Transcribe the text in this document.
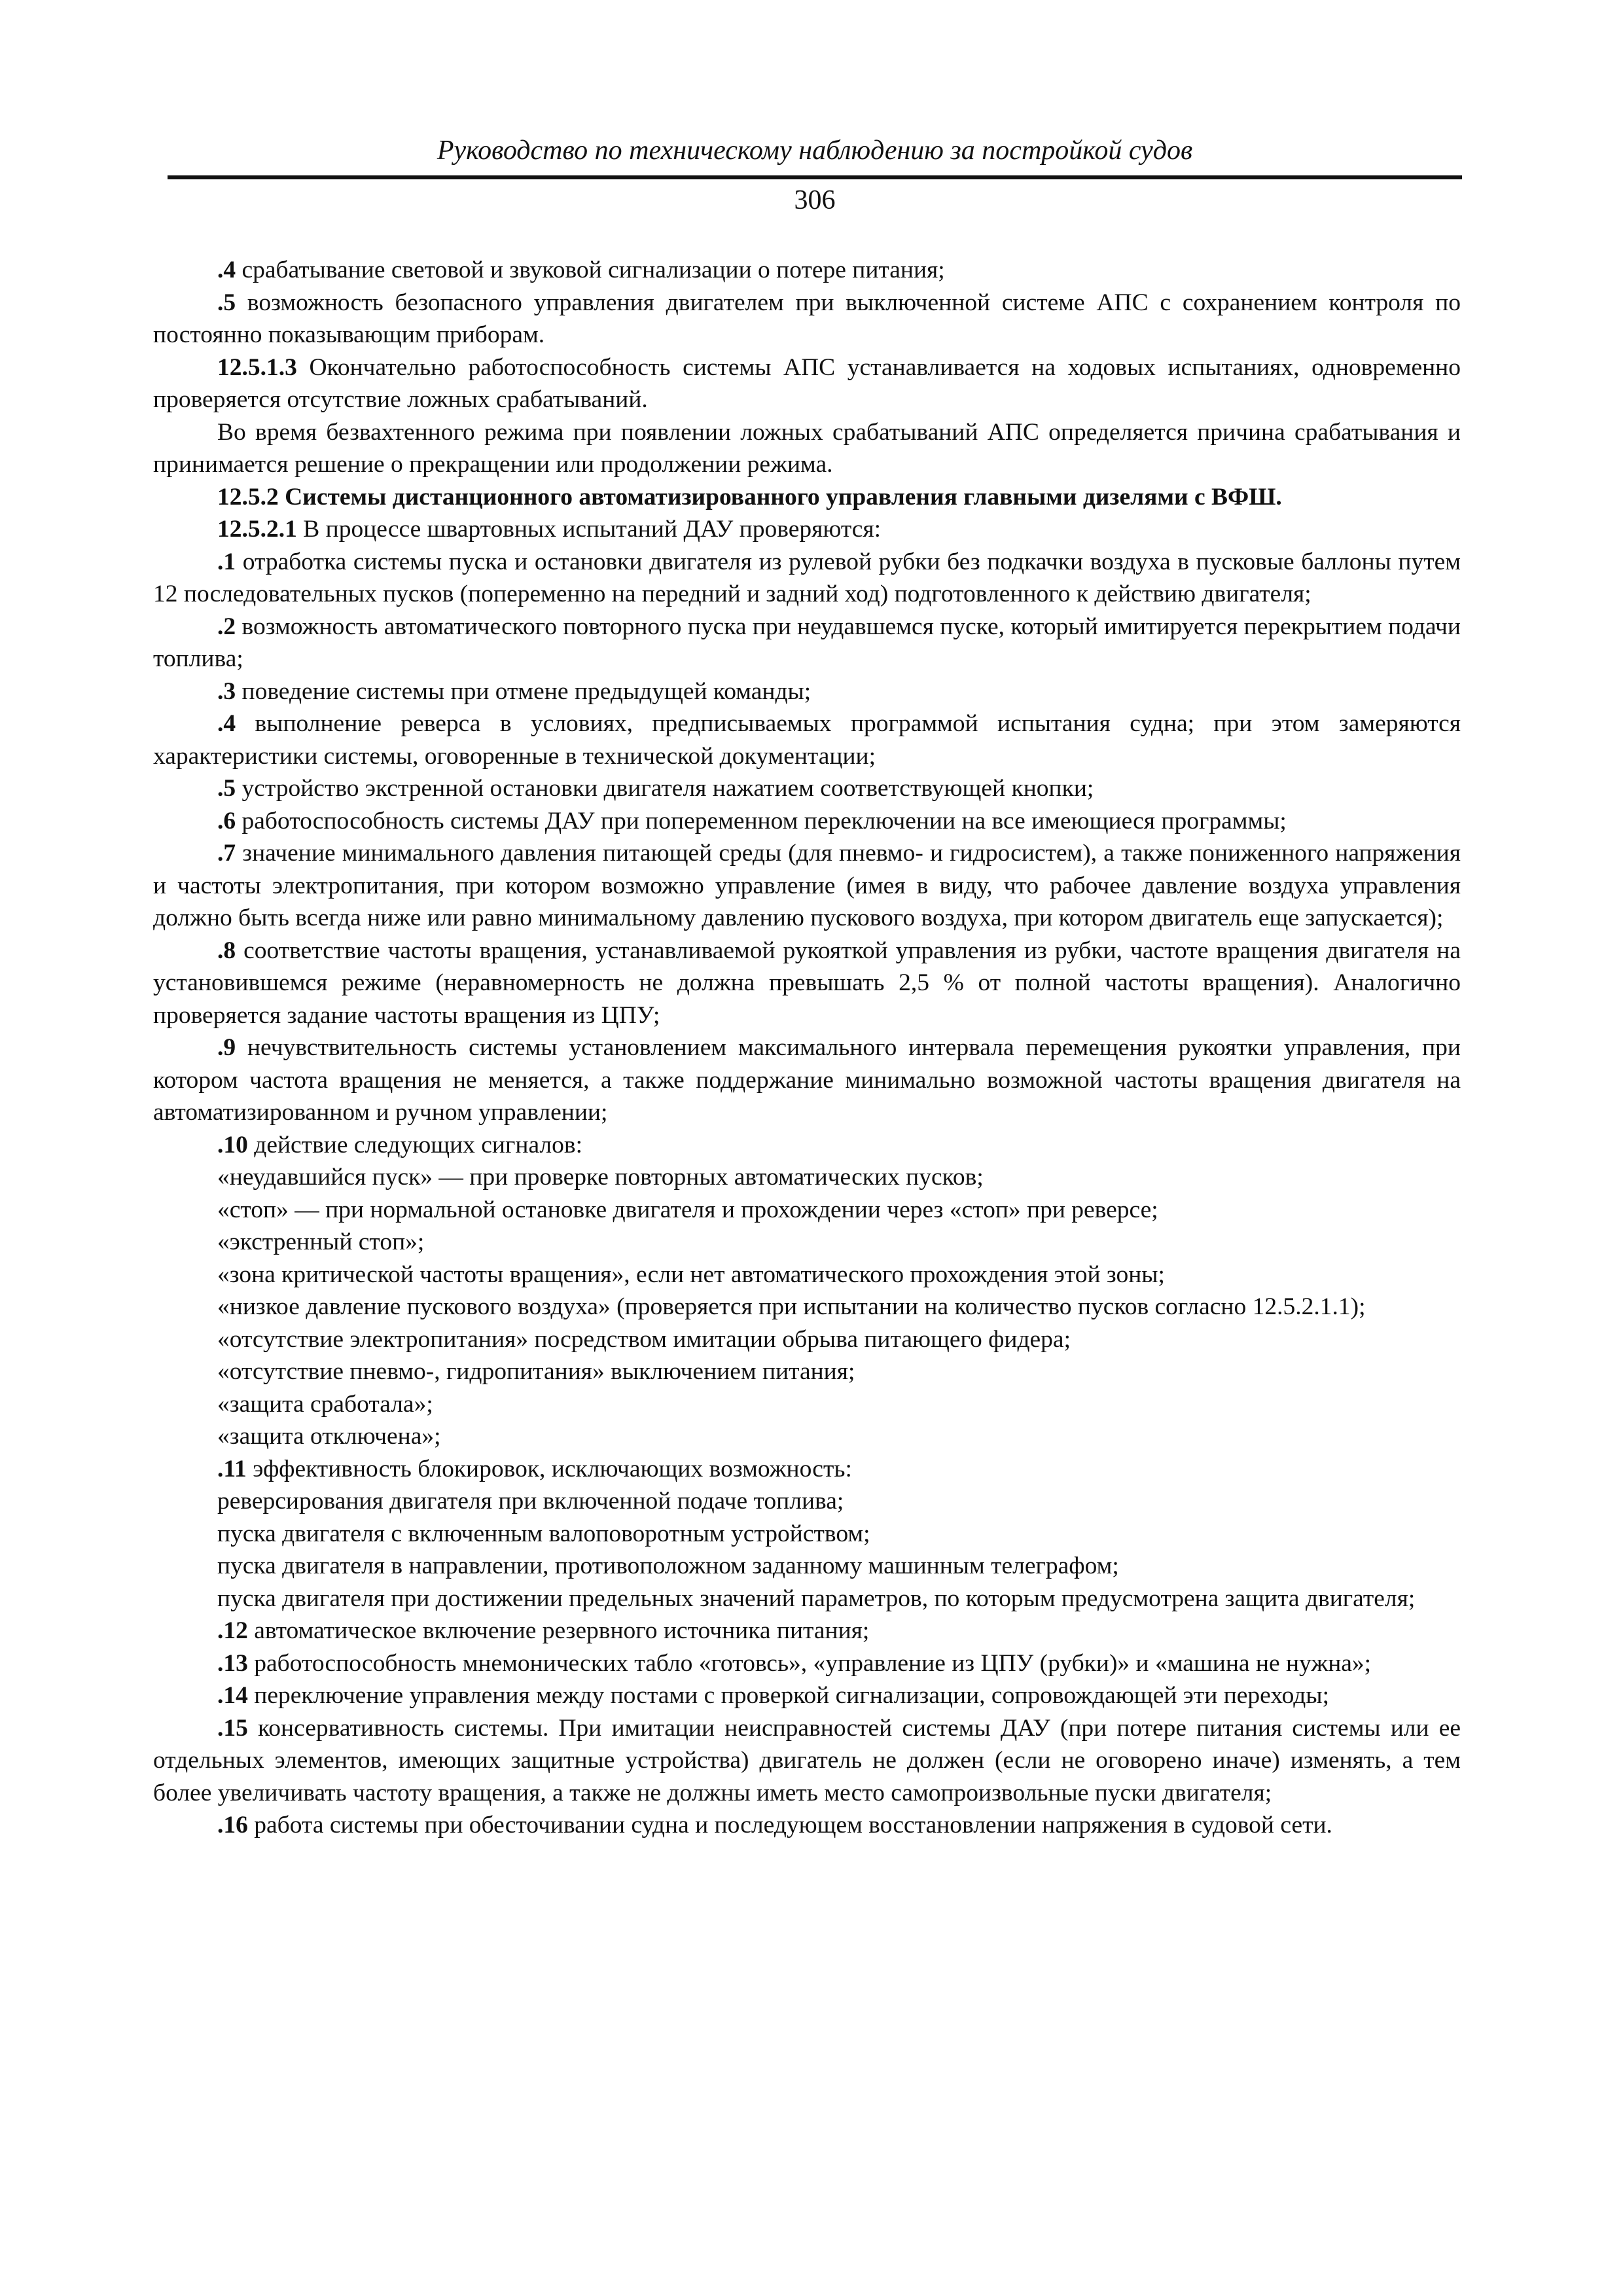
Руководство по техническому наблюдению за постройкой судов
306

.4 срабатывание световой и звуковой сигнализации о потере питания;

.5 возможность безопасного управления двигателем при выключенной системе АПС с сохранением контроля по постоянно показывающим приборам.

12.5.1.3 Окончательно работоспособность системы АПС устанавливается на ходовых испытаниях, одновременно проверяется отсутствие ложных срабатываний.

Во время безвахтенного режима при появлении ложных срабатываний АПС определяется причина срабатывания и принимается решение о прекращении или продолжении режима.

12.5.2 Системы дистанционного автоматизированного управления главными дизелями с ВФШ.

12.5.2.1 В процессе швартовных испытаний ДАУ проверяются:

.1 отработка системы пуска и остановки двигателя из рулевой рубки без подкачки воздуха в пусковые баллоны путем 12 последовательных пусков (попеременно на передний и задний ход) подготовленного к действию двигателя;

.2 возможность автоматического повторного пуска при неудавшемся пуске, который имитируется перекрытием подачи топлива;

.3 поведение системы при отмене предыдущей команды;

.4 выполнение реверса в условиях, предписываемых программой испытания судна; при этом замеряются характеристики системы, оговоренные в технической документации;

.5 устройство экстренной остановки двигателя нажатием соответствующей кнопки;

.6 работоспособность системы ДАУ при попеременном переключении на все имеющиеся программы;

.7 значение минимального давления питающей среды (для пневмо- и гидросистем), а также пониженного напряжения и частоты электропитания, при котором возможно управление (имея в виду, что рабочее давление воздуха управления должно быть всегда ниже или равно минимальному давлению пускового воздуха, при котором двигатель еще запускается);

.8 соответствие частоты вращения, устанавливаемой рукояткой управления из рубки, частоте вращения двигателя на установившемся режиме (неравномерность не должна превышать 2,5 % от полной частоты вращения). Аналогично проверяется задание частоты вращения из ЦПУ;

.9 нечувствительность системы установлением максимального интервала перемещения рукоятки управления, при котором частота вращения не меняется, а также поддержание минимально возможной частоты вращения двигателя на автоматизированном и ручном управлении;

.10 действие следующих сигналов:

«неудавшийся пуск» — при проверке повторных автоматических пусков;

«стоп» — при нормальной остановке двигателя и прохождении через «стоп» при реверсе;

«экстренный стоп»;

«зона критической частоты вращения», если нет автоматического прохождения этой зоны;

«низкое давление пускового воздуха» (проверяется при испытании на количество пусков согласно 12.5.2.1.1);

«отсутствие электропитания» посредством имитации обрыва питающего фидера;

«отсутствие пневмо-, гидропитания» выключением питания;

«защита сработала»;

«защита отключена»;

.11 эффективность блокировок, исключающих возможность:

реверсирования двигателя при включенной подаче топлива;

пуска двигателя с включенным валоповоротным устройством;

пуска двигателя в направлении, противоположном заданному машинным телеграфом;

пуска двигателя при достижении предельных значений параметров, по которым предусмотрена защита двигателя;

.12 автоматическое включение резервного источника питания;

.13 работоспособность мнемонических табло «готовсь», «управление из ЦПУ (рубки)» и «машина не нужна»;

.14 переключение управления между постами с проверкой сигнализации, сопровождающей эти переходы;

.15 консервативность системы. При имитации неисправностей системы ДАУ (при потере питания системы или ее отдельных элементов, имеющих защитные устройства) двигатель не должен (если не оговорено иначе) изменять, а тем более увеличивать частоту вращения, а также не должны иметь место самопроизвольные пуски двигателя;

.16 работа системы при обесточивании судна и последующем восстановлении напряжения в судовой сети.
